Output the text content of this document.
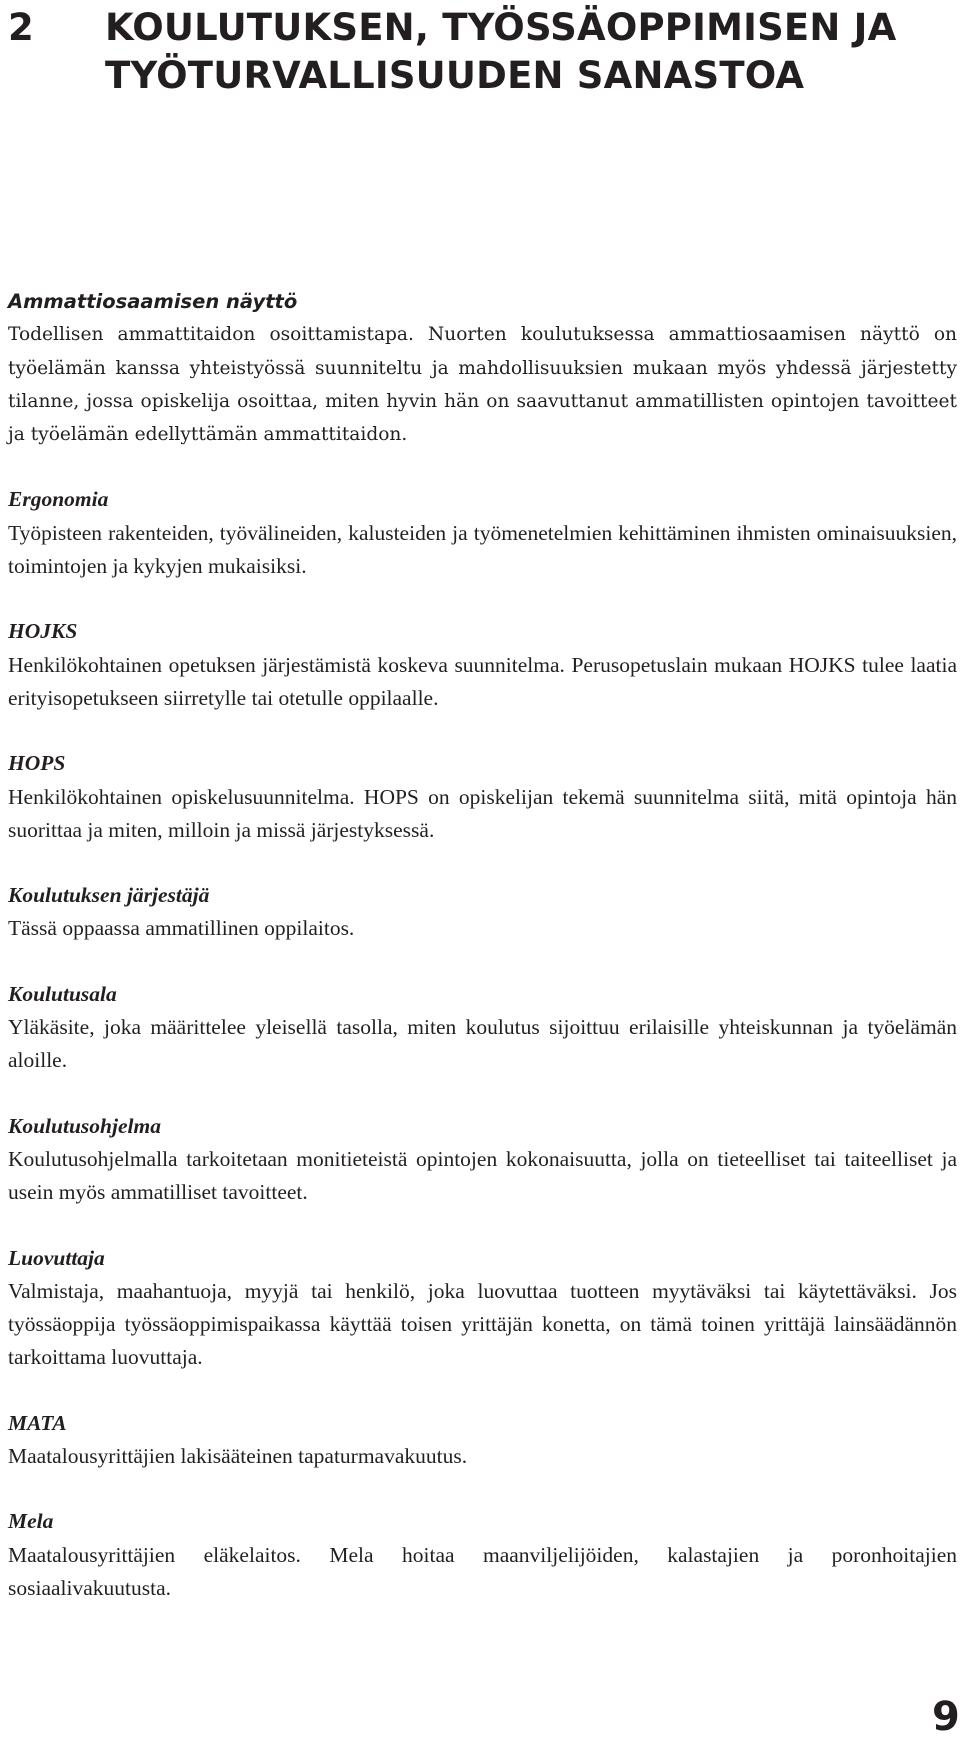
2 KOULUTUKSEN, TYÖSSÄOPPIMISEN JA TYÖTURVALLISUUDEN SANASTOA
Ammattiosaamisen näyttö
Todellisen ammattitaidon osoittamistapa. Nuorten koulutuksessa ammattiosaamisen näyttö on työelämän kanssa yhteistyössä suunniteltu ja mahdollisuuksien mukaan myös yhdessä järjestetty tilanne, jossa opiskelija osoittaa, miten hyvin hän on saavuttanut ammatillisten opintojen tavoitteet ja työelämän edellyttämän ammattitaidon.
Ergonomia
Työpisteen rakenteiden, työvälineiden, kalusteiden ja työmenetelmien kehittäminen ihmisten ominaisuuksien, toimintojen ja kykyjen mukaisiksi.
HOJKS
Henkilökohtainen opetuksen järjestämistä koskeva suunnitelma. Perusopetuslain mukaan HOJKS tulee laatia erityisopetukseen siirretylle tai otetulle oppilaalle.
HOPS
Henkilökohtainen opiskelusuunnitelma. HOPS on opiskelijan tekemä suunnitelma siitä, mitä opintoja hän suorittaa ja miten, milloin ja missä järjestyksessä.
Koulutuksen järjestäjä
Tässä oppaassa ammatillinen oppilaitos.
Koulutusala
Yläkäsite, joka määrittelee yleisellä tasolla, miten koulutus sijoittuu erilaisille yhteiskunnan ja työelämän aloille.
Koulutusohjelma
Koulutusohjelmalla tarkoitetaan monitieteistä opintojen kokonaisuutta, jolla on tieteelliset tai taiteelliset ja usein myös ammatilliset tavoitteet.
Luovuttaja
Valmistaja, maahantuoja, myyjä tai henkilö, joka luovuttaa tuotteen myytäväksi tai käytettäväksi. Jos työssäoppija työssäoppimispaikassa käyttää toisen yrittäjän konetta, on tämä toinen yrittäjä lainsäädännön tarkoittama luovuttaja.
MATA
Maatalousyrittäjien lakisääteinen tapaturmavakuutus.
Mela
Maatalousyrittäjien eläkelaitos. Mela hoitaa maanviljelijöiden, kalastajien ja poronhoitajien sosiaalivakuutusta.
9
